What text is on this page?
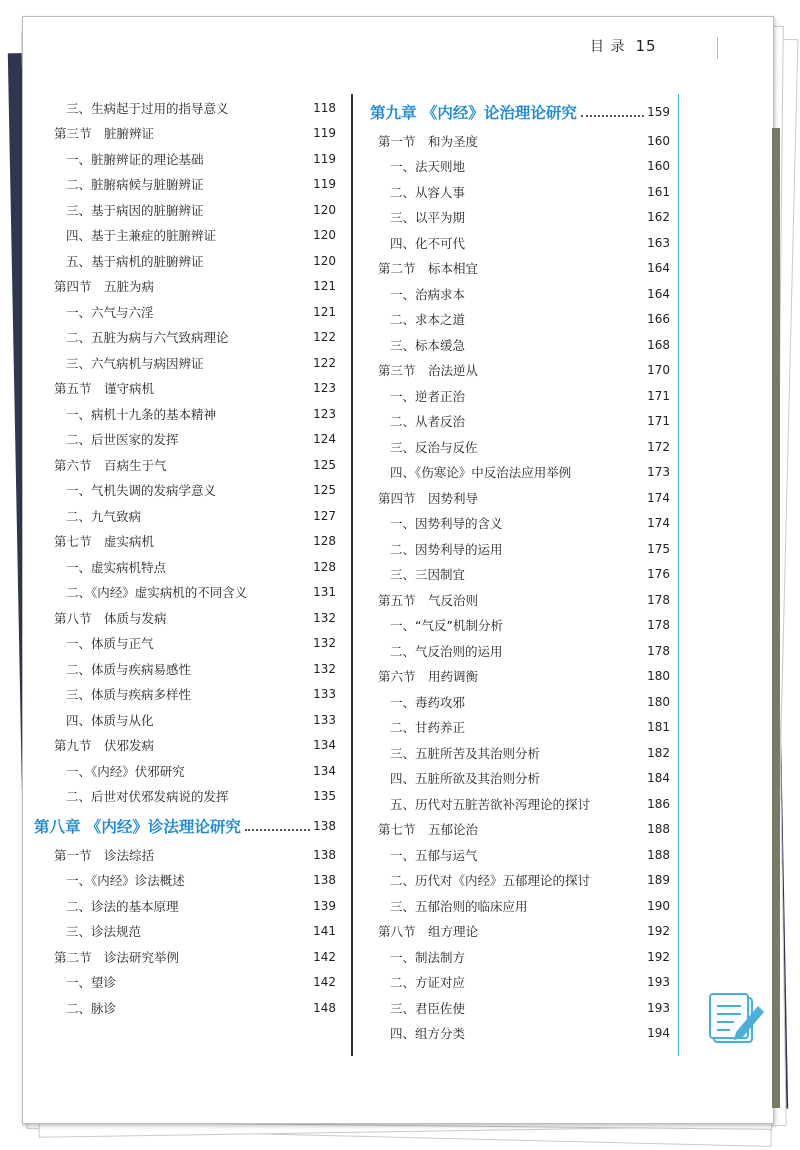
目 录 15
三、生病起于过用的指导意义	118
第三节　脏腑辨证	119
一、脏腑辨证的理论基础	119
二、脏腑病候与脏腑辨证	119
三、基于病因的脏腑辨证	120
四、基于主兼症的脏腑辨证	120
五、基于病机的脏腑辨证	120
第四节　五脏为病	121
一、六气与六淫	121
二、五脏为病与六气致病理论	122
三、六气病机与病因辨证	122
第五节　谨守病机	123
一、病机十九条的基本精神	123
二、后世医家的发挥	124
第六节　百病生于气	125
一、气机失调的发病学意义	125
二、九气致病	127
第七节　虚实病机	128
一、虚实病机特点	128
二、《内经》虚实病机的不同含义	131
第八节　体质与发病	132
一、体质与正气	132
二、体质与疾病易感性	132
三、体质与疾病多样性	133
四、体质与从化	133
第九节　伏邪发病	134
一、《内经》伏邪研究	134
二、后世对伏邪发病说的发挥	135
第八章 《内经》诊法理论研究	138
第一节　诊法综括	138
一、《内经》诊法概述	138
二、诊法的基本原理	139
三、诊法规范	141
第二节　诊法研究举例	142
一、望诊	142
二、脉诊	148
第九章 《内经》论治理论研究	159
第一节　和为圣度	160
一、法天则地	160
二、从容人事	161
三、以平为期	162
四、化不可代	163
第二节　标本相宜	164
一、治病求本	164
二、求本之道	166
三、标本缓急	168
第三节　治法逆从	170
一、逆者正治	171
二、从者反治	171
三、反治与反佐	172
四、《伤寒论》中反治法应用举例	173
第四节　因势利导	174
一、因势利导的含义	174
二、因势利导的运用	175
三、三因制宜	176
第五节　气反治则	178
一、“气反”机制分析	178
二、气反治则的运用	178
第六节　用药调衡	180
一、毒药攻邪	180
二、甘药养正	181
三、五脏所苦及其治则分析	182
四、五脏所欲及其治则分析	184
五、历代对五脏苦欲补泻理论的探讨	186
第七节　五郁论治	188
一、五郁与运气	188
二、历代对《内经》五郁理论的探讨	189
三、五郁治则的临床应用	190
第八节　组方理论	192
一、制法制方	192
二、方证对应	193
三、君臣佐使	193
四、组方分类	194
